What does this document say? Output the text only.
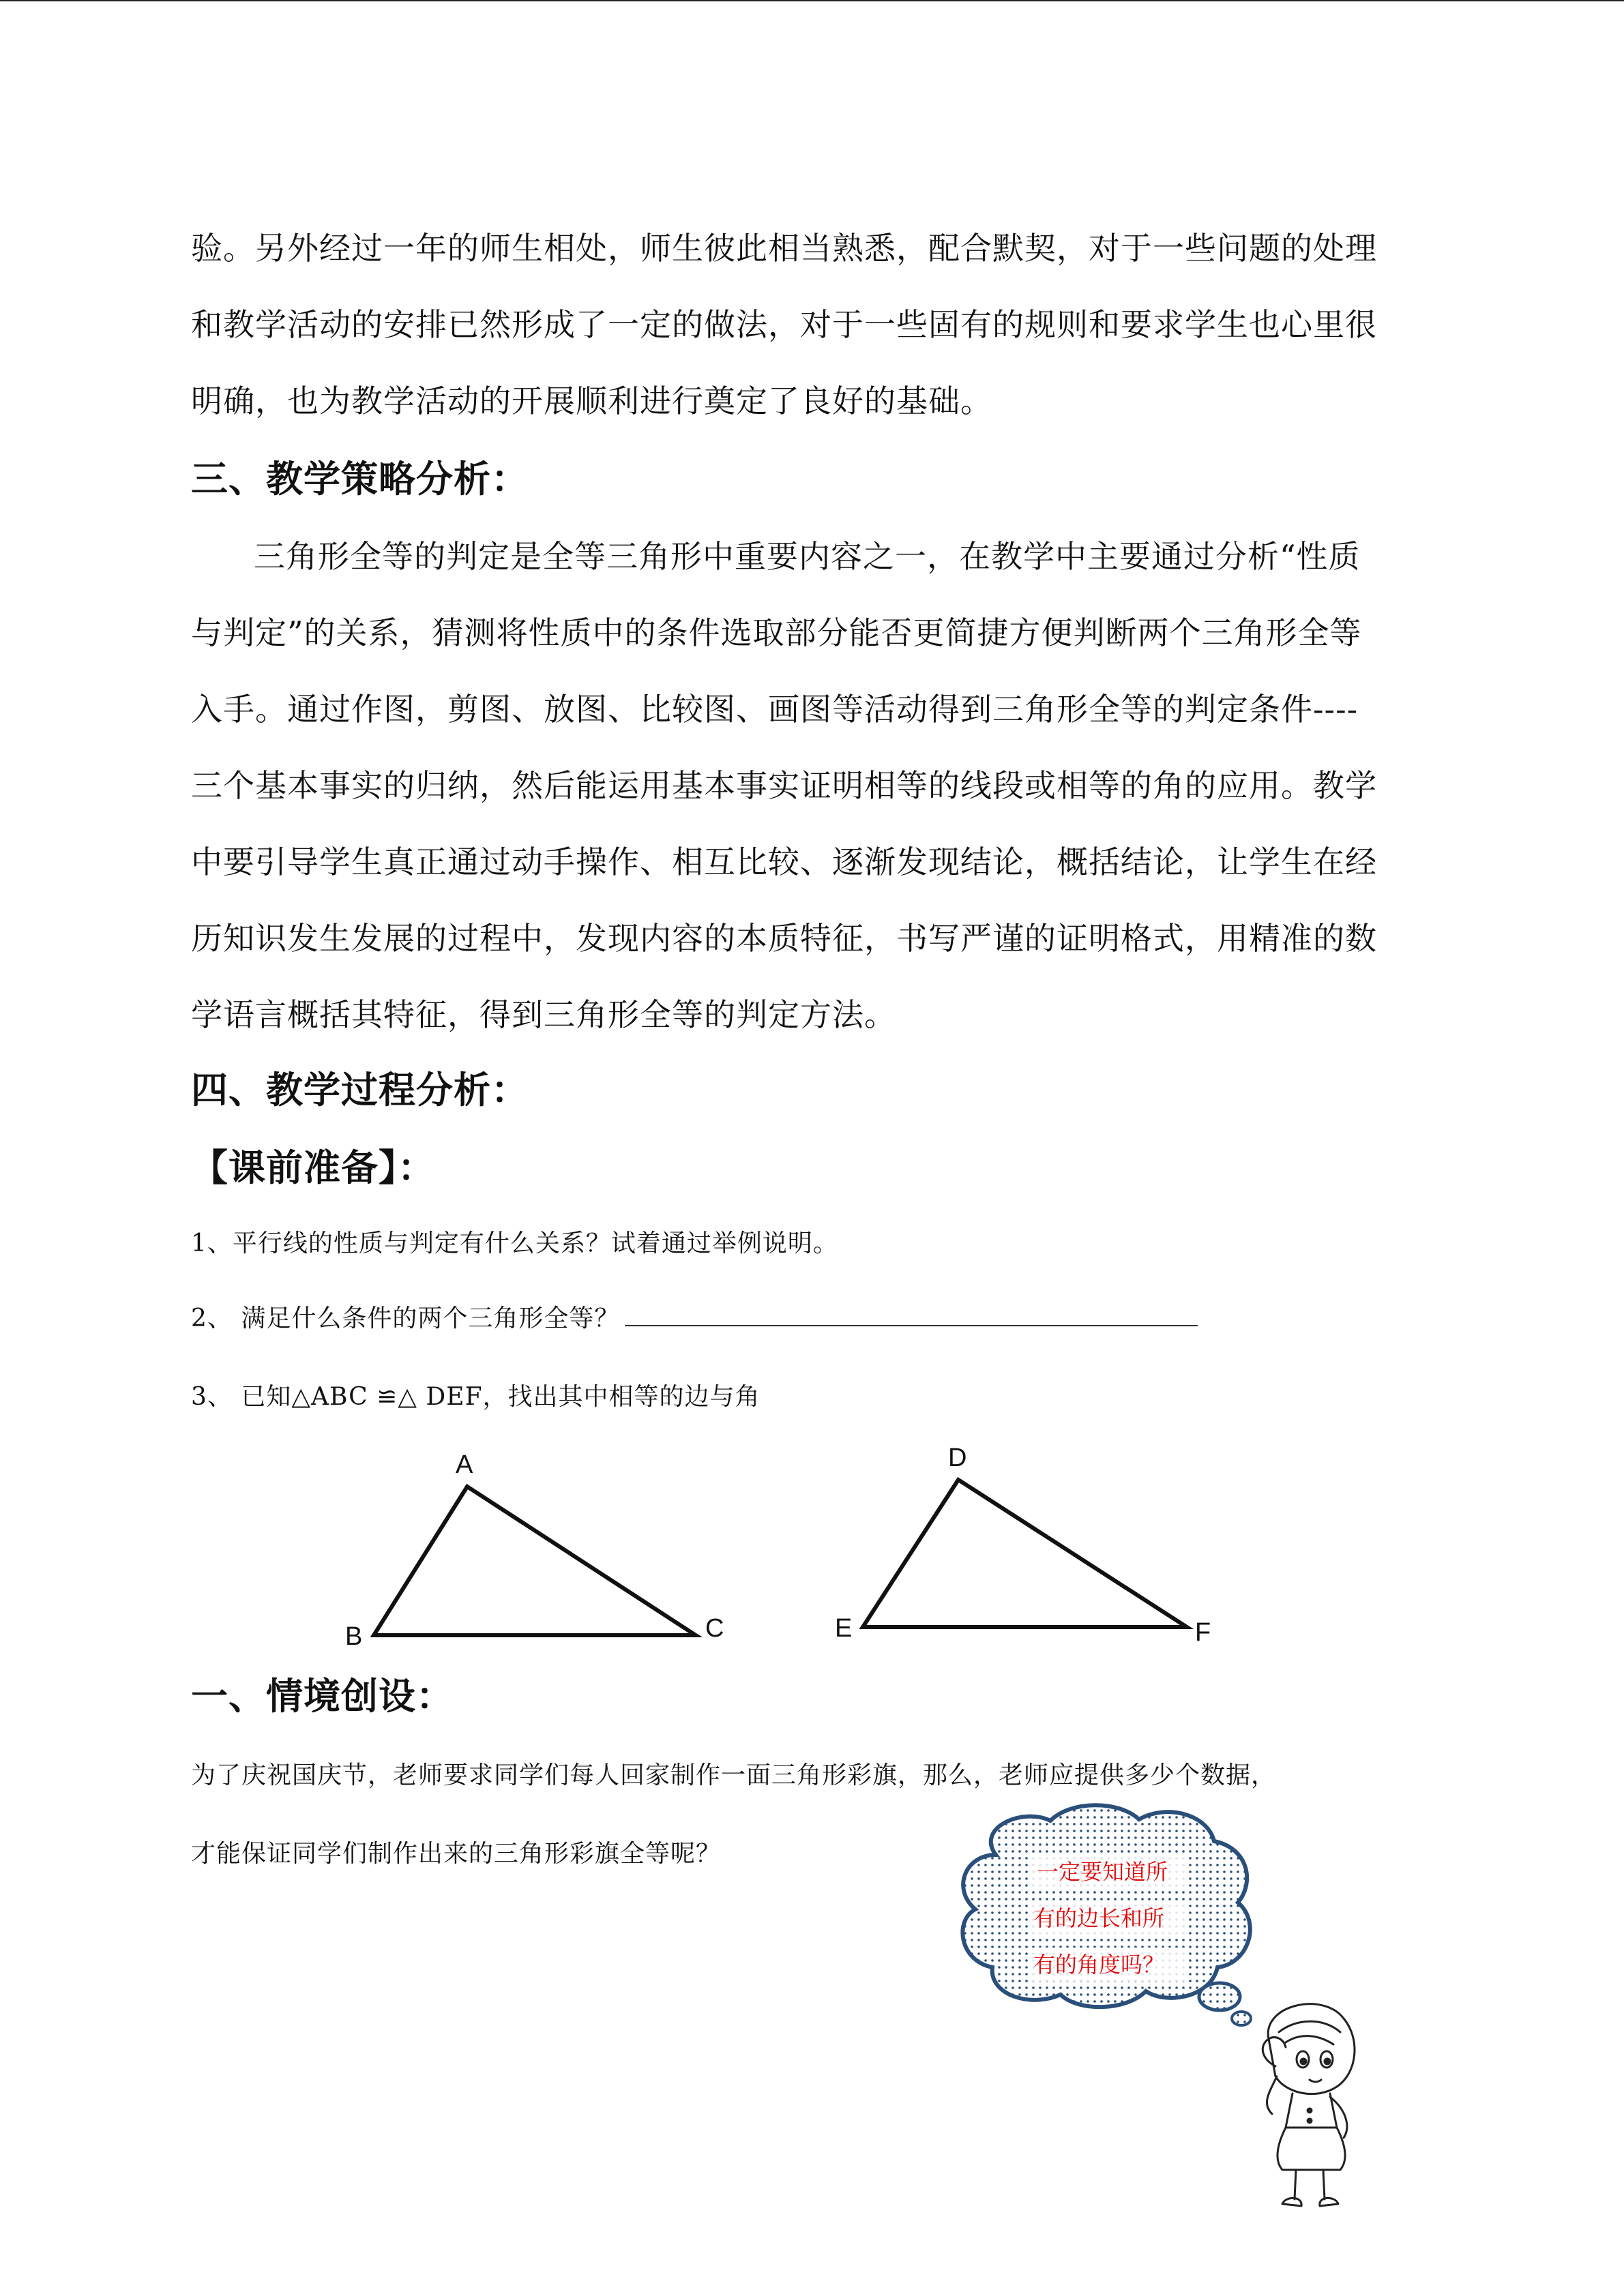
验。另外经过一年的师生相处，师生彼此相当熟悉，配合默契，对于一些问题的处理
和教学活动的安排已然形成了一定的做法，对于一些固有的规则和要求学生也心里很
明确，也为教学活动的开展顺利进行奠定了良好的基础。
三、教学策略分析：
三角形全等的判定是全等三角形中重要内容之一，在教学中主要通过分析“性质
与判定”的关系，猜测将性质中的条件选取部分能否更简捷方便判断两个三角形全等
入手。通过作图，剪图、放图、比较图、画图等活动得到三角形全等的判定条件----
三个基本事实的归纳，然后能运用基本事实证明相等的线段或相等的角的应用。教学
中要引导学生真正通过动手操作、相互比较、逐渐发现结论，概括结论，让学生在经
历知识发生发展的过程中，发现内容的本质特征，书写严谨的证明格式，用精准的数
学语言概括其特征，得到三角形全等的判定方法。
四、教学过程分析：
【课前准备】：
1、平行线的性质与判定有什么关系？试着通过举例说明。
2、 满足什么条件的两个三角形全等？
3、 已知△ABC ≌△ DEF，找出其中相等的边与角
A
B	C
D
E	F
一、情境创设：
为了庆祝国庆节，老师要求同学们每人回家制作一面三角形彩旗，那么，老师应提供多少个数据，
才能保证同学们制作出来的三角形彩旗全等呢？
一定要知道所
有的边长和所
有的角度吗？
